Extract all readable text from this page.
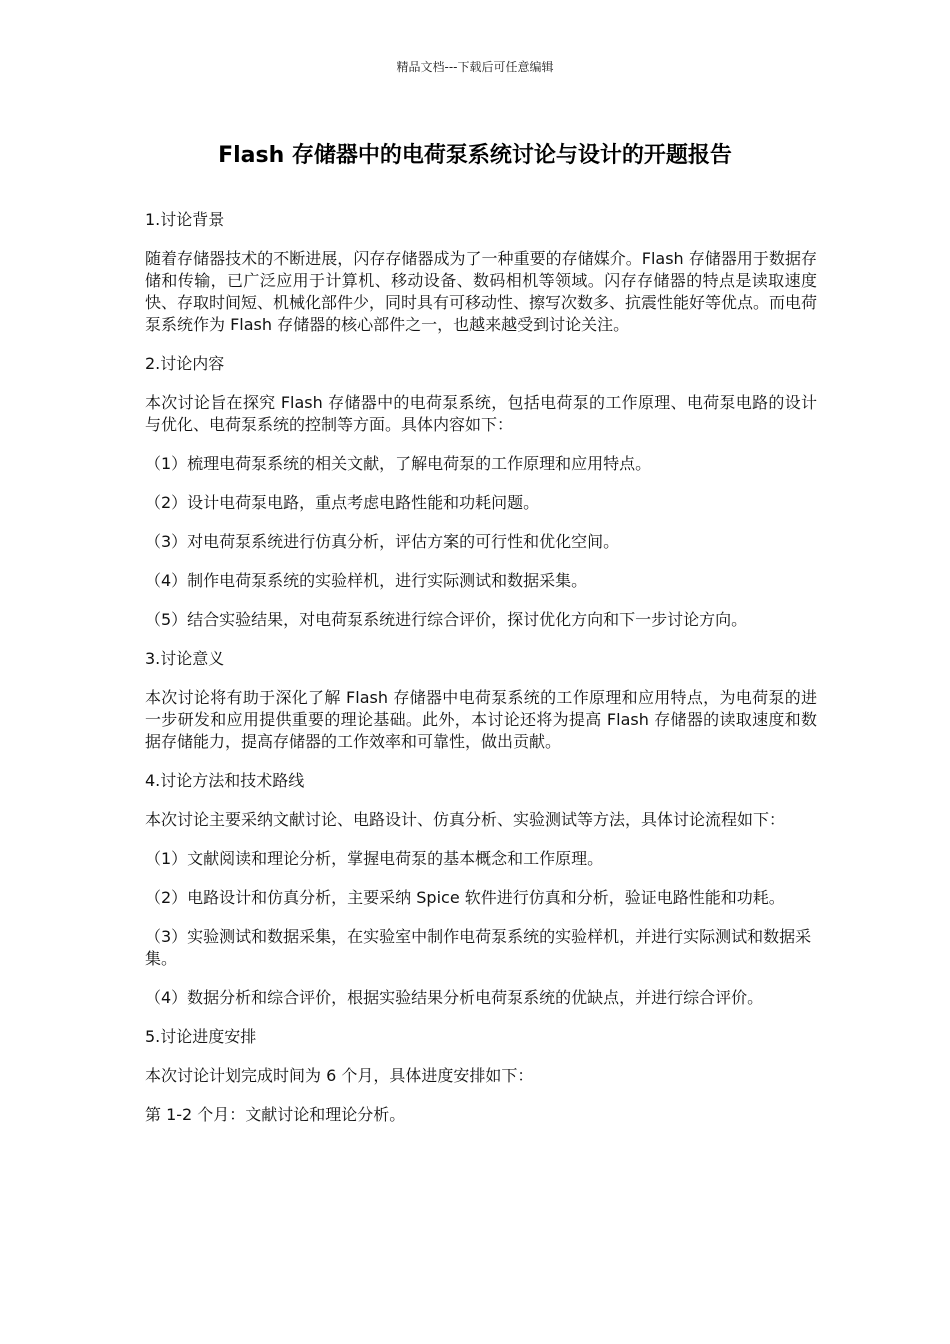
精品文档---下载后可任意编辑
Flash 存储器中的电荷泵系统讨论与设计的开题报告

1.讨论背景

随着存储器技术的不断进展，闪存存储器成为了一种重要的存储媒介。Flash 存储器用于数据存储和传输，已广泛应用于计算机、移动设备、数码相机等领域。闪存存储器的特点是读取速度快、存取时间短、机械化部件少，同时具有可移动性、擦写次数多、抗震性能好等优点。而电荷泵系统作为 Flash 存储器的核心部件之一，也越来越受到讨论关注。

2.讨论内容

本次讨论旨在探究 Flash 存储器中的电荷泵系统，包括电荷泵的工作原理、电荷泵电路的设计与优化、电荷泵系统的控制等方面。具体内容如下：

（1）梳理电荷泵系统的相关文献，了解电荷泵的工作原理和应用特点。

（2）设计电荷泵电路，重点考虑电路性能和功耗问题。

（3）对电荷泵系统进行仿真分析，评估方案的可行性和优化空间。

（4）制作电荷泵系统的实验样机，进行实际测试和数据采集。

（5）结合实验结果，对电荷泵系统进行综合评价，探讨优化方向和下一步讨论方向。

3.讨论意义

本次讨论将有助于深化了解 Flash 存储器中电荷泵系统的工作原理和应用特点，为电荷泵的进一步研发和应用提供重要的理论基础。此外，本讨论还将为提高 Flash 存储器的读取速度和数据存储能力，提高存储器的工作效率和可靠性，做出贡献。

4.讨论方法和技术路线

本次讨论主要采纳文献讨论、电路设计、仿真分析、实验测试等方法，具体讨论流程如下：

（1）文献阅读和理论分析，掌握电荷泵的基本概念和工作原理。

（2）电路设计和仿真分析，主要采纳 Spice 软件进行仿真和分析，验证电路性能和功耗。

（3）实验测试和数据采集，在实验室中制作电荷泵系统的实验样机，并进行实际测试和数据采集。

（4）数据分析和综合评价，根据实验结果分析电荷泵系统的优缺点，并进行综合评价。

5.讨论进度安排

本次讨论计划完成时间为 6 个月，具体进度安排如下：

第 1-2 个月：文献讨论和理论分析。
